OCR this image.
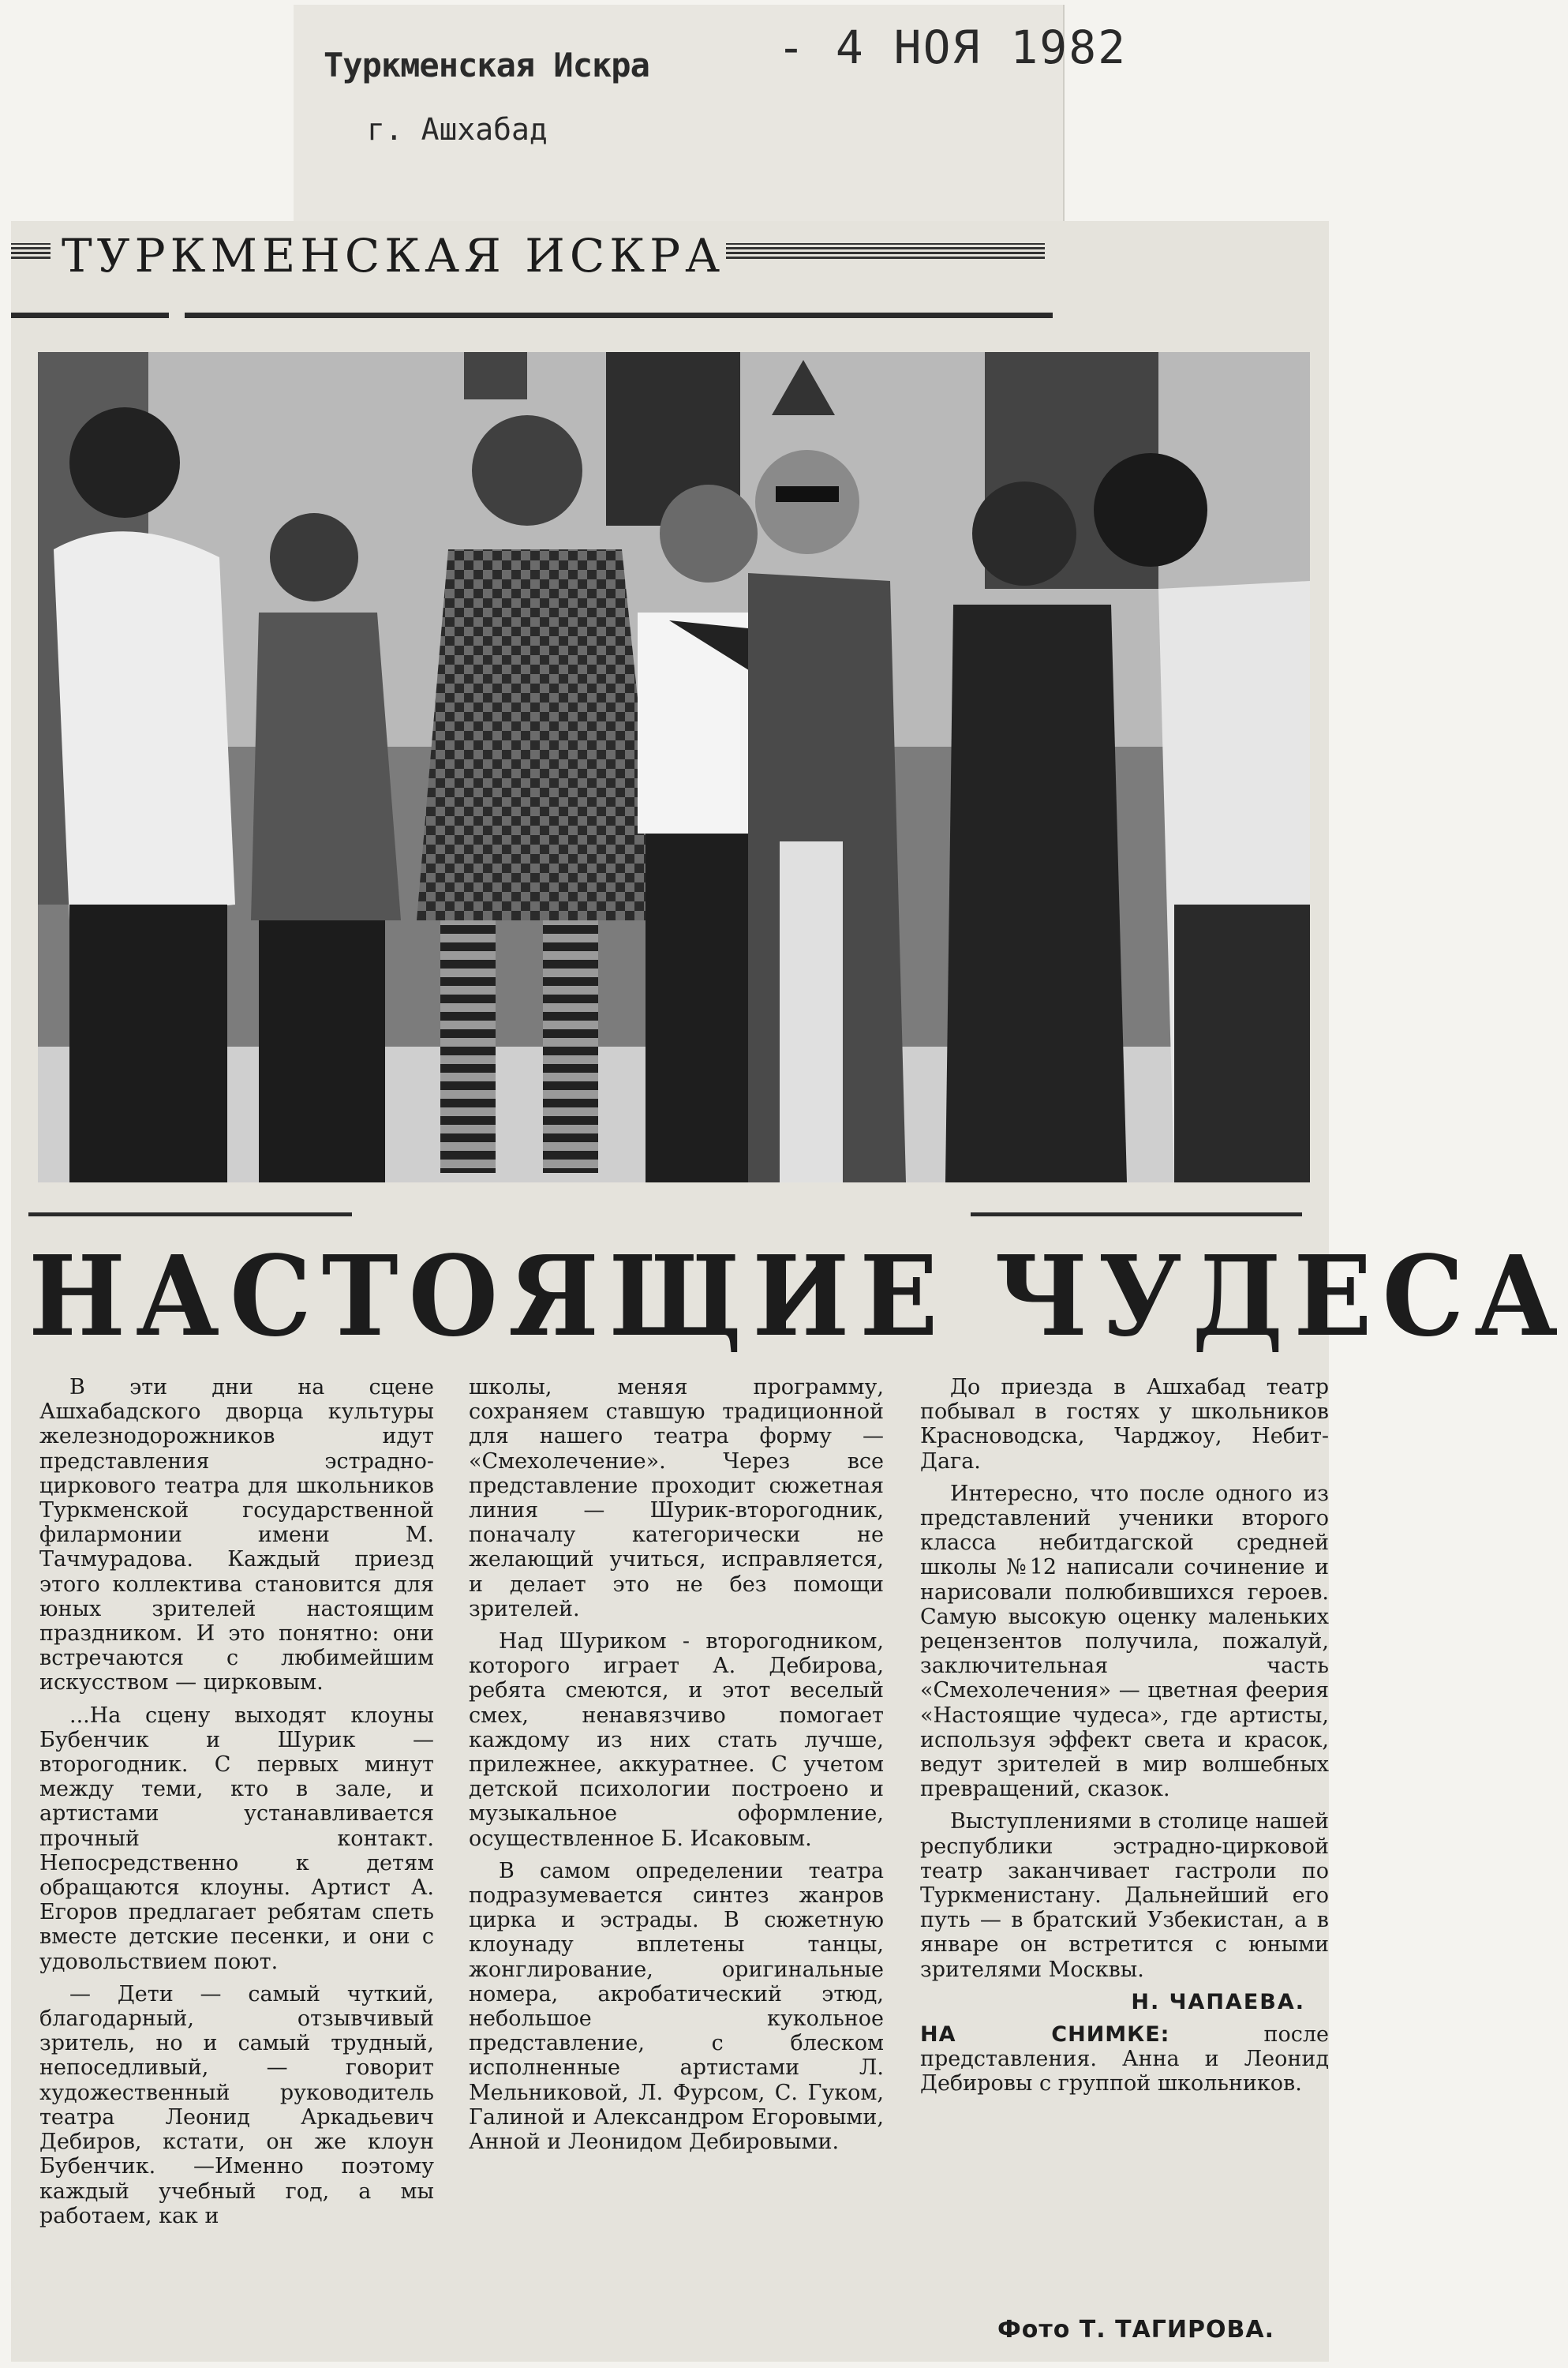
Туркменская Искра
г. Ашхабад
- 4 НОЯ 1982
ТУРКМЕНСКАЯ ИСКРА
НАСТОЯЩИЕ ЧУДЕСА

В эти дни на сцене Ашхабадского дворца культуры железнодорожников идут представления эстрадно-циркового театра для школьников Туркменской государственной филармонии имени М. Тачмурадова. Каждый приезд этого коллектива становится для юных зрителей настоящим праздником. И это понятно: они встречаются с любимейшим искусством — цирковым.

...На сцену выходят клоуны Бубенчик и Шурик — второгодник. С первых минут между теми, кто в зале, и артистами устанавливается прочный контакт. Непосредственно к детям обращаются клоуны. Артист А. Егоров предлагает ребятам спеть вместе детские песенки, и они с удовольствием поют.

— Дети — самый чуткий, благодарный, отзывчивый зритель, но и самый трудный, непоседливый, — говорит художественный руководитель театра Леонид Аркадьевич Дебиров, кстати, он же клоун Бубенчик. —Именно поэтому каждый учебный год, а мы работаем, как и

школы, меняя программу, сохраняем ставшую традиционной для нашего театра форму — «Смехолечение». Через все представление проходит сюжетная линия — Шурик-второгодник, поначалу категорически не желающий учиться, исправляется, и делает это не без помощи зрителей.

Над Шуриком - второгодником, которого играет А. Дебирова, ребята смеются, и этот веселый смех, ненавязчиво помогает каждому из них стать лучше, прилежнее, аккуратнее. С учетом детской психологии построено и музыкальное оформление, осуществленное Б. Исаковым.

В самом определении театра подразумевается синтез жанров цирка и эстрады. В сюжетную клоунаду вплетены танцы, жонглирование, оригинальные номера, акробатический этюд, небольшое кукольное представление, с блеском исполненные артистами Л. Мельниковой, Л. Фурсом, С. Гуком, Галиной и Александром Егоровыми, Анной и Леонидом Дебировыми.

До приезда в Ашхабад театр побывал в гостях у школьников Красноводска, Чарджоу, Небит-Дага.

Интересно, что после одного из представлений ученики второго класса небитдагской средней школы №12 написали сочинение и нарисовали полюбившихся героев. Самую высокую оценку маленьких рецензентов получила, пожалуй, заключительная часть «Смехолечения» — цветная феерия «Настоящие чудеса», где артисты, используя эффект света и красок, ведут зрителей в мир волшебных превращений, сказок.

Выступлениями в столице нашей республики эстрадно-цирковой театр заканчивает гастроли по Туркменистану. Дальнейший его путь — в братский Узбекистан, а в январе он встретится с юными зрителями Москвы.

Н. ЧАПАЕВА.

НА СНИМКЕ:	после представления. Анна и Леонид Дебировы с группой школьников.

Фото Т. ТАГИРОВА.
